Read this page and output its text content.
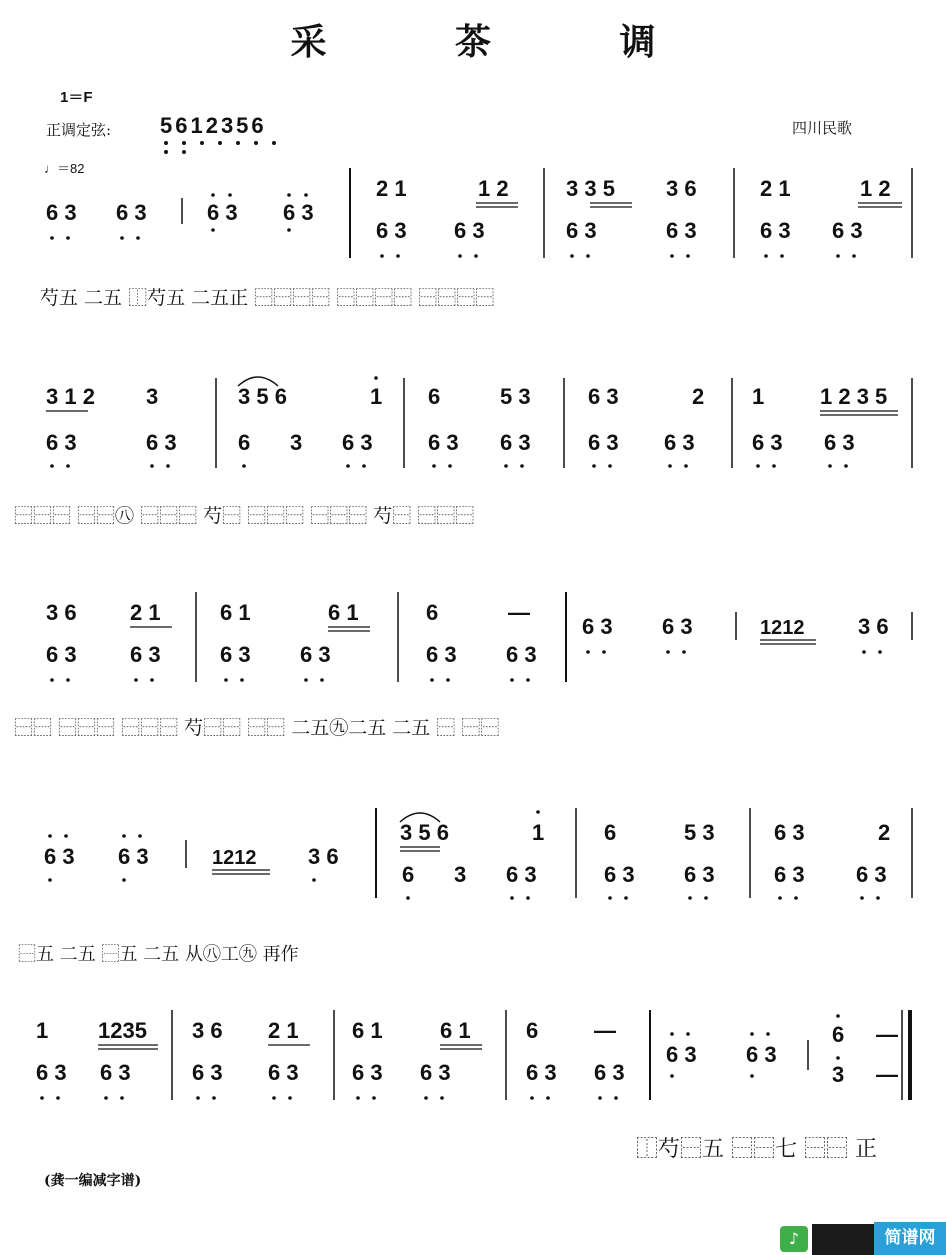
采 茶 调
1＝F
正调定弦: 5612356
♩＝82
四川民歌
6 3 6 3	6 3 6 3
2 1	1 2
6 3 6 3
3 3 5 3 6
6 3	6 3
2 1	1 2
6 3 6 3
芍五 二五 ⿰芍五 二五正 ⿱⿱⿱⿱ ⿱⿱⿱⿱ ⿱⿱⿱⿱
3 1 2 3
6 3	6 3
3 5 6	1
6 3 6 3
6	5 3
6 3 6 3
6 3	2
6 3 6 3
1	1 2 3 5
6 3 6 3
⿱⿱⿱ ⿱⿱㊇ ⿱⿱⿱ 芍⿱ ⿱⿱⿱ ⿱⿱⿱ 芍⿱ ⿱⿱⿱
3 6 2 1
6 3 6 3
6 1	6 1
6 3 6 3
6	—
6 3 6 3
6 3 6 3	1212 3 6
⿱⿱ ⿱⿱⿱ ⿱⿱⿱ 芍⿱⿱ ⿱⿱ 二五㊈二五 二五 ⿱ ⿱⿱
6 3 6 3	1212 3 6
3 5 6	1
6 3 6 3
6	5 3
6 3 6 3
6 3	2
6 3 6 3
1 1235
6 3 6 3
3 6 2 1
6 3 6 3
6 1	6 1
6 3 6 3
6	—
6 3 6 3
6 3 6 3
6 —
3 —
⿰芍⿱五 ⿱⿱七 ⿱⿱ 正
⿱五 二五 ⿱五 二五 从㊇工㊈ 再作
(龚一编减字谱)
♪	简谱网
